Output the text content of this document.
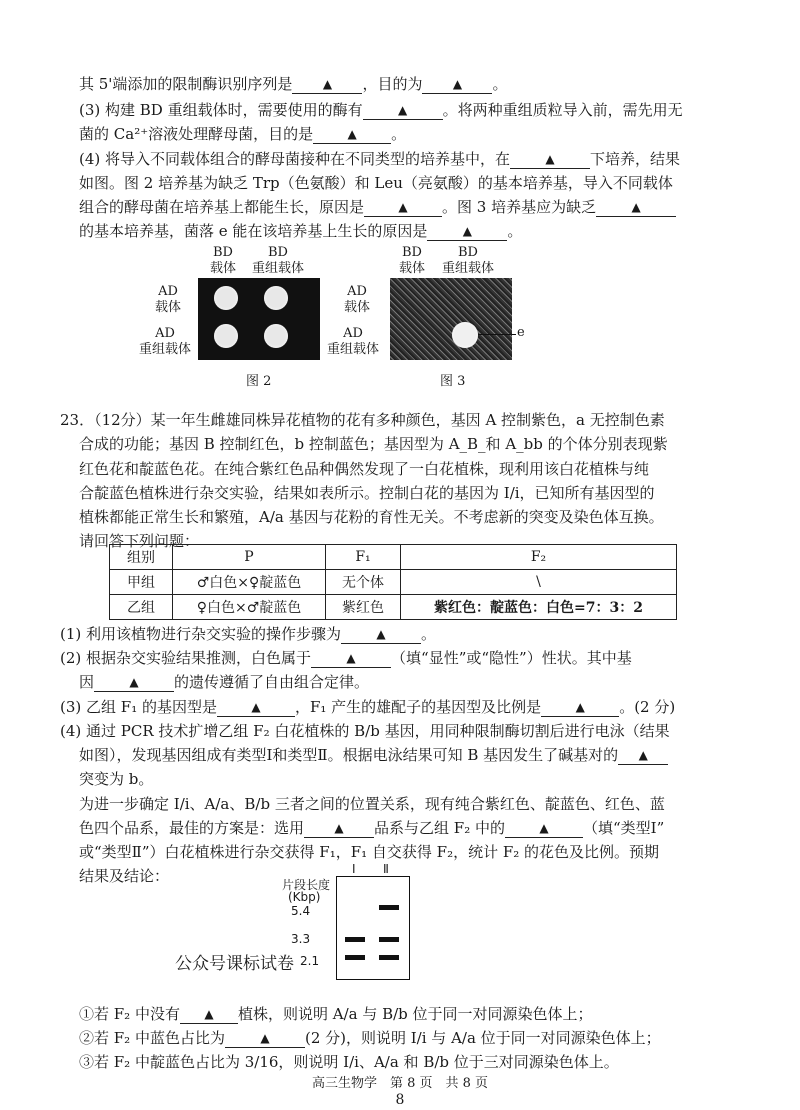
其 5'端添加的限制酶识别序列是	▲ ，目的为	▲ 。
(3) 构建 BD 重组载体时，需要使用的酶有	▲ 。将两种重组质粒导入前，需先用无
菌的 Ca²⁺溶液处理酵母菌，目的是	▲ 。
(4) 将导入不同载体组合的酵母菌接种在不同类型的培养基中，在	▲ 下培养，结果
如图。图 2 培养基为缺乏 Trp（色氨酸）和 Leu（亮氨酸）的基本培养基，导入不同载体
组合的酵母菌在培养基上都能生长，原因是	▲ 。图 3 培养基应为缺乏	▲
的基本培养基，菌落 e 能在该培养基上生长的原因是	▲ 。
BD
载体
BD
重组载体
AD
载体
AD
重组载体
图 2
BD
载体
BD
重组载体
AD
载体
AD
重组载体
e
图 3
23．（12分）某一年生雌雄同株异花植物的花有多种颜色，基因 A 控制紫色，a 无控制色素
合成的功能；基因 B 控制红色，b 控制蓝色；基因型为 A_B_和 A_bb 的个体分别表现紫
红色花和靛蓝色花。在纯合紫红色品种偶然发现了一白花植株，现利用该白花植株与纯
合靛蓝色植株进行杂交实验，结果如表所示。控制白花的基因为 I/i，已知所有基因型的
植株都能正常生长和繁殖，A/a 基因与花粉的育性无关。不考虑新的突变及染色体互换。
请回答下列问题：
组别	P	F₁	F₂
甲组	♂白色×♀靛蓝色	无个体	\
乙组	♀白色×♂靛蓝色	紫红色	紫红色：靛蓝色：白色=7：3：2
(1) 利用该植物进行杂交实验的操作步骤为	▲ 。
(2) 根据杂交实验结果推测，白色属于	▲ （填“显性”或“隐性”）性状。其中基
因	▲ 的遗传遵循了自由组合定律。
(3) 乙组 F₁ 的基因型是	▲ ，F₁ 产生的雄配子的基因型及比例是	▲ 。(2 分)
(4) 通过 PCR 技术扩增乙组 F₂ 白花植株的 B/b 基因，用同种限制酶切割后进行电泳（结果
如图），发现基因组成有类型Ⅰ和类型Ⅱ。根据电泳结果可知 B 基因发生了碱基对的 ▲
突变为 b。
为进一步确定 I/i、A/a、B/b 三者之间的位置关系，现有纯合紫红色、靛蓝色、红色、蓝
色四个品系，最佳的方案是：选用	▲ 品系与乙组 F₂ 中的	▲ （填“类型Ⅰ”
或“类型Ⅱ”）白花植株进行杂交获得 F₁，F₁ 自交获得 F₂，统计 F₂ 的花色及比例。预期
结果及结论：	Ⅰ Ⅱ
片段长度
(Kbp)
5.4
3.3
2.1
公众号课标试卷
①若 F₂ 中没有 ▲ 植株，则说明 A/a 与 B/b 位于同一对同源染色体上；
②若 F₂ 中蓝色占比为	▲ (2 分)，则说明 I/i 与 A/a 位于同一对同源染色体上；
③若 F₂ 中靛蓝色占比为 3/16，则说明 I/i、A/a 和 B/b 位于三对同源染色体上。
高三生物学　第 8 页　共 8 页
8
